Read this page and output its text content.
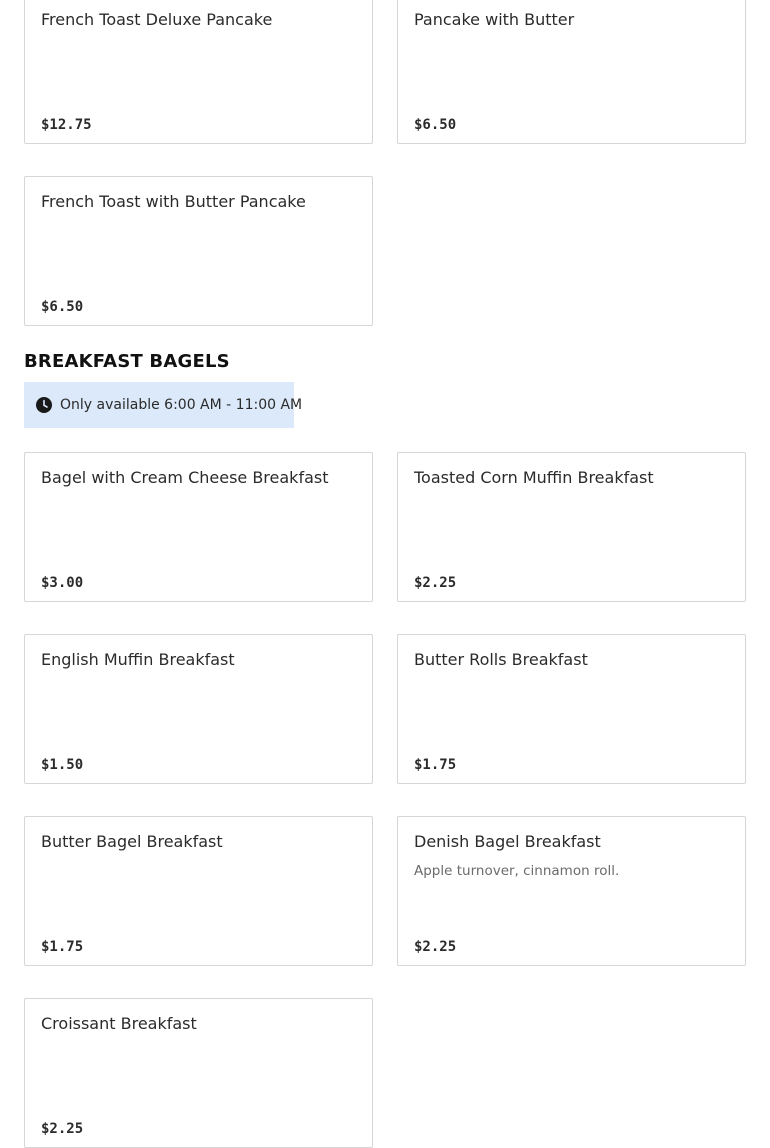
French Toast Deluxe Pancake
$12.75
Pancake with Butter
$6.50
French Toast with Butter Pancake
$6.50
BREAKFAST BAGELS
Only available 6:00 AM - 11:00 AM
Bagel with Cream Cheese Breakfast
$3.00
Toasted Corn Muffin Breakfast
$2.25
English Muffin Breakfast
$1.50
Butter Rolls Breakfast
$1.75
Butter Bagel Breakfast
$1.75
Denish Bagel Breakfast
Apple turnover, cinnamon roll.
$2.25
Croissant Breakfast
$2.25
